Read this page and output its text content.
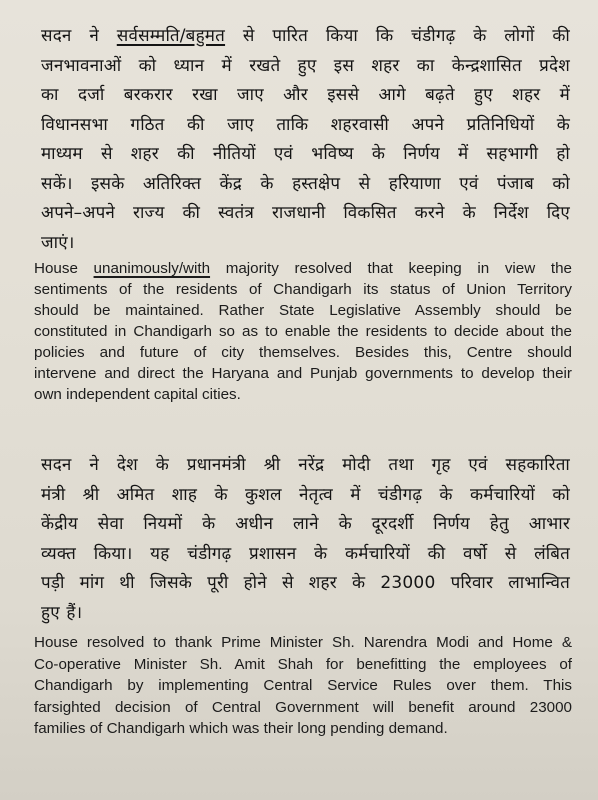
सदन ने सर्वसम्मति/बहुमत से पारित किया कि चंडीगढ़ के लोगों की
जनभावनाओं को ध्यान में रखते हुए इस शहर का केन्द्रशासित प्रदेश
का दर्जा बरकरार रखा जाए और इससे आगे बढ़ते हुए शहर में
विधानसभा गठित की जाए ताकि शहरवासी अपने प्रतिनिधियों के
माध्यम से शहर की नीतियों एवं भविष्य के निर्णय में सहभागी हो
सकें। इसके अतिरिक्त केंद्र के हस्तक्षेप से हरियाणा एवं पंजाब को
अपने–अपने राज्य की स्वतंत्र राजधानी विकसित करने के निर्देश दिए
जाएं।
House unanimously/with majority resolved that keeping in view the
sentiments of the residents of Chandigarh its status of Union Territory
should be maintained. Rather State Legislative Assembly should be
constituted in Chandigarh so as to enable the residents to decide about the
policies and future of city themselves. Besides this, Centre should
intervene and direct the Haryana and Punjab governments to develop their
own independent capital cities.
सदन ने देश के प्रधानमंत्री श्री नरेंद्र मोदी तथा गृह एवं सहकारिता
मंत्री श्री अमित शाह के कुशल नेतृत्व में चंडीगढ़ के कर्मचारियों को
केंद्रीय सेवा नियमों के अधीन लाने के दूरदर्शी निर्णय हेतु आभार
व्यक्त किया। यह चंडीगढ़ प्रशासन के कर्मचारियों की वर्षो से लंबित
पड़ी मांग थी जिसके पूरी होने से शहर के 23000 परिवार लाभान्वित
हुए हैं।
House resolved to thank Prime Minister Sh. Narendra Modi and Home &
Co-operative Minister Sh. Amit Shah for benefitting the employees of
Chandigarh by implementing Central Service Rules over them. This
farsighted decision of Central Government will benefit around 23000
families of Chandigarh which was their long pending demand.
